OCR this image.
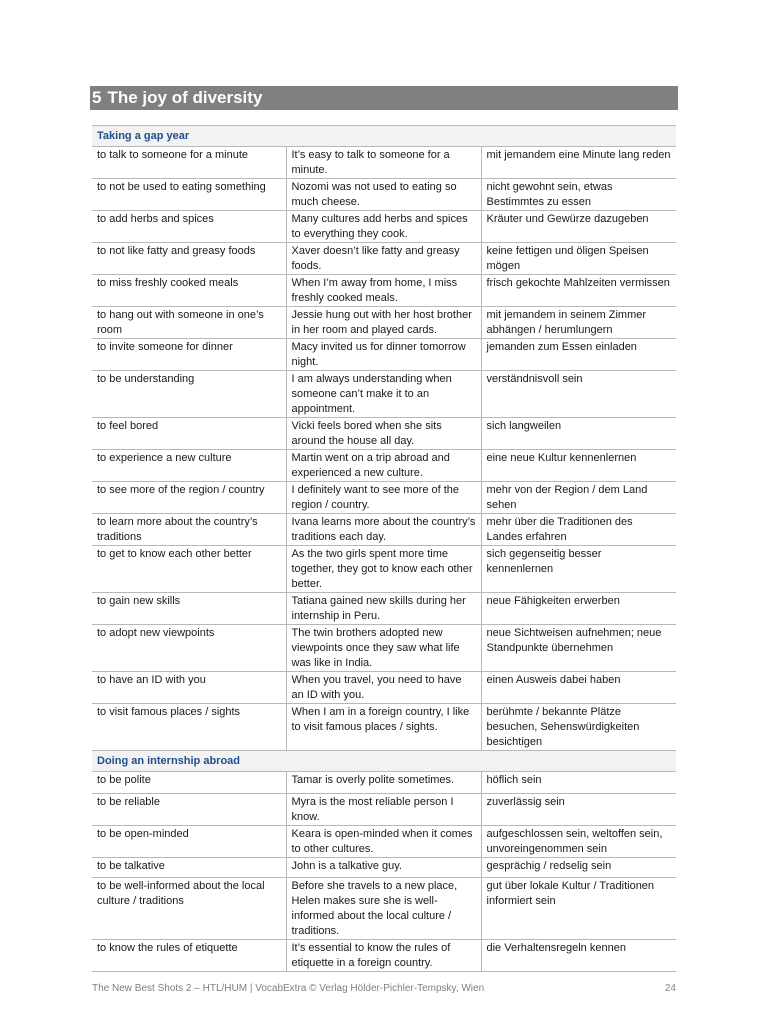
5 The joy of diversity
Taking a gap year		
to talk to someone for a minute	It’s easy to talk to someone for a minute.	mit jemandem eine Minute lang reden
to not be used to eating something	Nozomi was not used to eating so much cheese.	nicht gewohnt sein, etwas Bestimmtes zu essen
to add herbs and spices	Many cultures add herbs and spices to everything they cook.	Kräuter und Gewürze dazugeben
to not like fatty and greasy foods	Xaver doesn’t like fatty and greasy foods.	keine fettigen und öligen Speisen mögen
to miss freshly cooked meals	When I’m away from home, I miss freshly cooked meals.	frisch gekochte Mahlzeiten vermissen
to hang out with someone in one’s room	Jessie hung out with her host brother in her room and played cards.	mit jemandem in seinem Zimmer abhängen / herumlungern
to invite someone for dinner	Macy invited us for dinner tomorrow night.	jemanden zum Essen einladen
to be understanding	I am always understanding when someone can’t make it to an appointment.	verständnisvoll sein
to feel bored	Vicki feels bored when she sits around the house all day.	sich langweilen
to experience a new culture	Martin went on a trip abroad and experienced a new culture.	eine neue Kultur kennenlernen
to see more of the region / country	I definitely want to see more of the region / country.	mehr von der Region / dem Land sehen
to learn more about the country’s traditions	Ivana learns more about the country’s traditions each day.	mehr über die Traditionen des Landes erfahren
to get to know each other better	As the two girls spent more time together, they got to know each other better.	sich gegenseitig besser kennenlernen
to gain new skills	Tatiana gained new skills during her internship in Peru.	neue Fähigkeiten erwerben
to adopt new viewpoints	The twin brothers adopted new viewpoints once they saw what life was like in India.	neue Sichtweisen aufnehmen; neue Standpunkte übernehmen
to have an ID with you	When you travel, you need to have an ID with you.	einen Ausweis dabei haben
to visit famous places / sights	When I am in a foreign country, I like to visit famous places / sights.	berühmte / bekannte Plätze besuchen, Sehenswürdigkeiten besichtigen
Doing an internship abroad		
to be polite	Tamar is overly polite sometimes.	höflich sein
to be reliable	Myra is the most reliable person I know.	zuverlässig sein
to be open-minded	Keara is open-minded when it comes to other cultures.	aufgeschlossen sein, weltoffen sein, unvoreingenommen sein
to be talkative	John is a talkative guy.	gesprächig / redselig sein
to be well-informed about the local culture / traditions	Before she travels to a new place, Helen makes sure she is well-informed about the local culture / traditions.	gut über lokale Kultur / Traditionen informiert sein
to know the rules of etiquette	It’s essential to know the rules of etiquette in a foreign country.	die Verhaltensregeln kennen
The New Best Shots 2 – HTL/HUM | VocabExtra © Verlag Hölder-Pichler-Tempsky, Wien	24
